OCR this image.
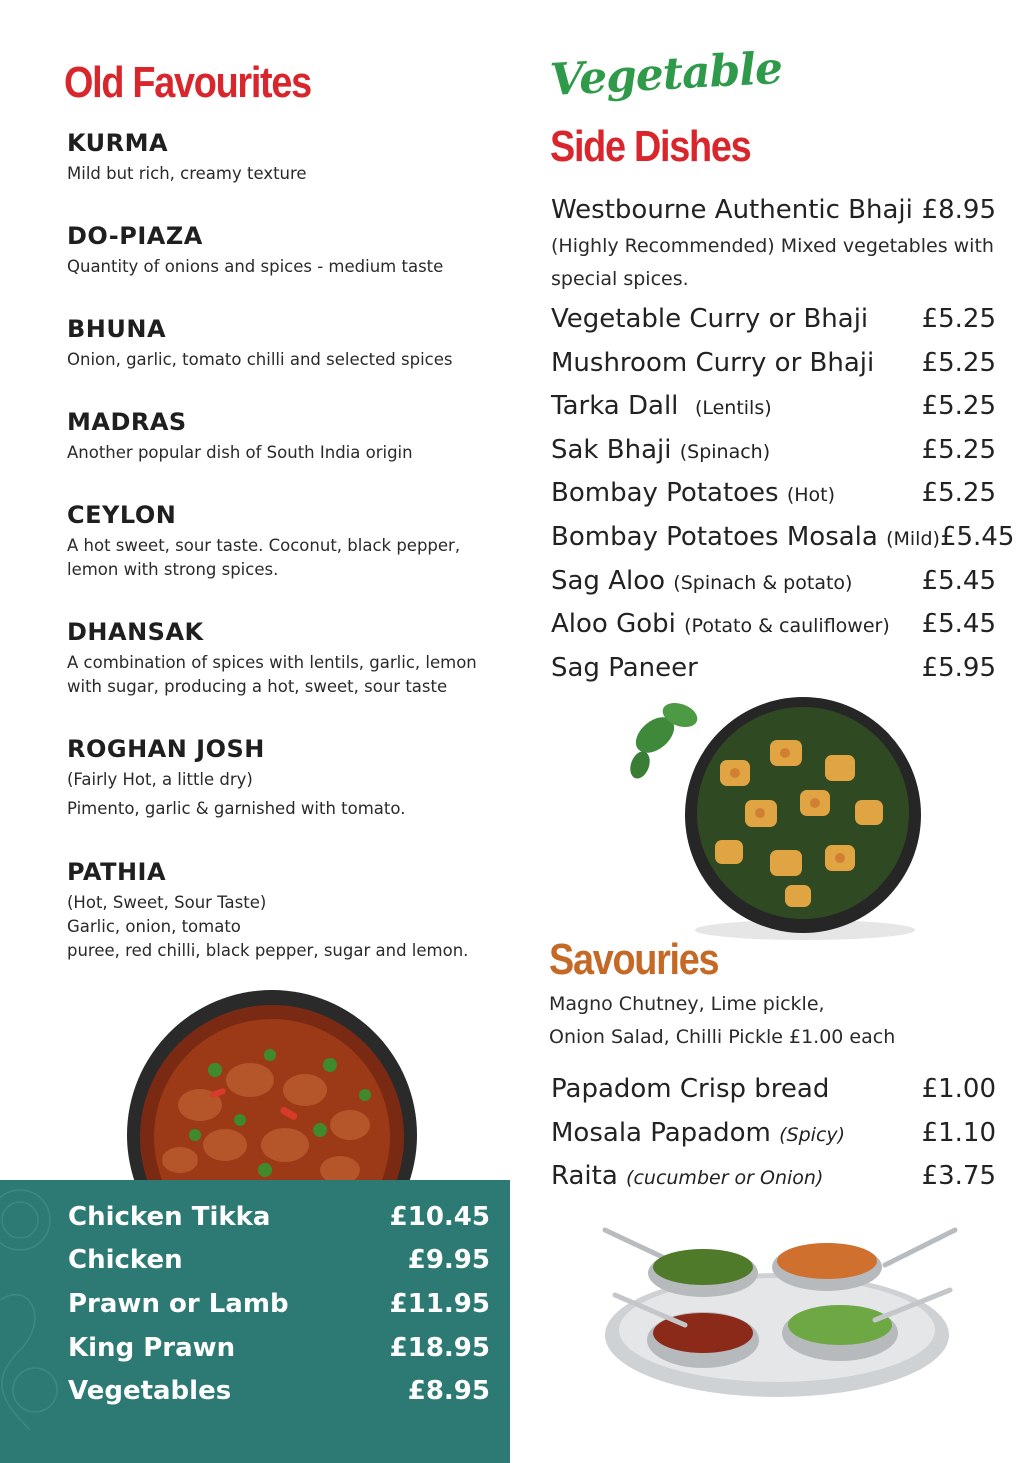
Old Favourites
KURMA
Mild but rich, creamy texture
DO-PIAZA
Quantity of onions and spices - medium taste
BHUNA
Onion, garlic, tomato chilli and selected spices
MADRAS
Another popular dish of South India origin
CEYLON
A hot sweet, sour taste. Coconut, black pepper,
lemon with strong spices.
DHANSAK
A combination of spices with lentils, garlic, lemon
with sugar, producing a hot, sweet, sour taste
ROGHAN JOSH
(Fairly Hot, a little dry)
Pimento, garlic & garnished with tomato.
PATHIA
(Hot, Sweet, Sour Taste)
Garlic, onion, tomato
puree, red chilli, black pepper, sugar and lemon.
Chicken Tikka	£10.45
Chicken	£9.95
Prawn or Lamb	£11.95
King Prawn	£18.95
Vegetables	£8.95
Vegetable
Side Dishes
Westbourne Authentic Bhaji £8.95
(Highly Recommended) Mixed vegetables with
special spices.
Vegetable Curry or Bhaji £5.25
Mushroom Curry or Bhaji £5.25
Tarka Dall (Lentils)	£5.25
Sak Bhaji (Spinach)	£5.25
Bombay Potatoes (Hot)	£5.25
Bombay Potatoes Mosala (Mild) £5.45
Sag Aloo (Spinach & potato)	£5.45
Aloo Gobi (Potato & cauliflower) £5.45
Sag Paneer	£5.95
Savouries
Magno Chutney, Lime pickle,
Onion Salad, Chilli Pickle £1.00 each
Papadom Crisp bread	£1.00
Mosala Papadom (Spicy)	£1.10
Raita (cucumber or Onion)	£3.75
